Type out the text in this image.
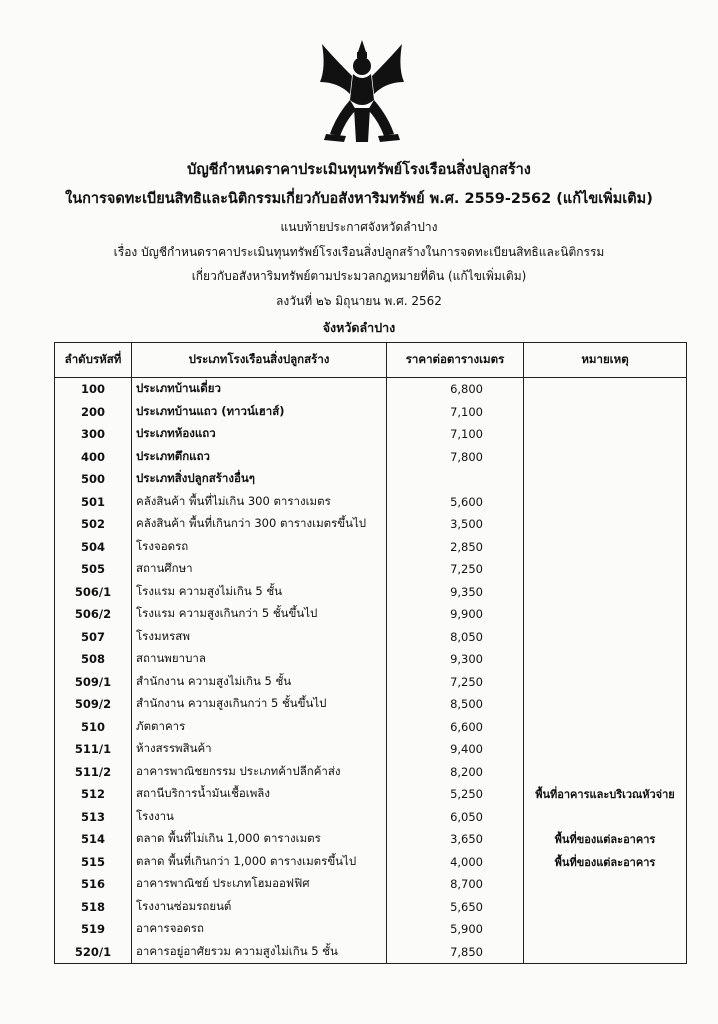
บัญชีกำหนดราคาประเมินทุนทรัพย์โรงเรือนสิ่งปลูกสร้าง
ในการจดทะเบียนสิทธิและนิติกรรมเกี่ยวกับอสังหาริมทรัพย์ พ.ศ. 2559-2562 (แก้ไขเพิ่มเติม)
แนบท้ายประกาศจังหวัดลำปาง
เรื่อง บัญชีกำหนดราคาประเมินทุนทรัพย์โรงเรือนสิ่งปลูกสร้างในการจดทะเบียนสิทธิและนิติกรรม
เกี่ยวกับอสังหาริมทรัพย์ตามประมวลกฎหมายที่ดิน (แก้ไขเพิ่มเติม)
ลงวันที่ ๒๖ มิถุนายน พ.ศ. 2562
จังหวัดลำปาง
ลำดับรหัสที่	ประเภทโรงเรือนสิ่งปลูกสร้าง	ราคาต่อตารางเมตร	หมายเหตุ
100	ประเภทบ้านเดี่ยว	6,800	
200	ประเภทบ้านแถว (ทาวน์เฮาส์)	7,100	
300	ประเภทห้องแถว	7,100	
400	ประเภทตึกแถว	7,800	
500	ประเภทสิ่งปลูกสร้างอื่นๆ		
501	คลังสินค้า พื้นที่ไม่เกิน 300 ตารางเมตร	5,600	
502	คลังสินค้า พื้นที่เกินกว่า 300 ตารางเมตรขึ้นไป	3,500	
504	โรงจอดรถ	2,850	
505	สถานศึกษา	7,250	
506/1	โรงแรม ความสูงไม่เกิน 5 ชั้น	9,350	
506/2	โรงแรม ความสูงเกินกว่า 5 ชั้นขึ้นไป	9,900	
507	โรงมหรสพ	8,050	
508	สถานพยาบาล	9,300	
509/1	สำนักงาน ความสูงไม่เกิน 5 ชั้น	7,250	
509/2	สำนักงาน ความสูงเกินกว่า 5 ชั้นขึ้นไป	8,500	
510	ภัตตาคาร	6,600	
511/1	ห้างสรรพสินค้า	9,400	
511/2	อาคารพาณิชยกรรม ประเภทค้าปลีกค้าส่ง	8,200	
512	สถานีบริการน้ำมันเชื้อเพลิง	5,250	พื้นที่อาคารและบริเวณหัวจ่าย
513	โรงงาน	6,050	
514	ตลาด พื้นที่ไม่เกิน 1,000 ตารางเมตร	3,650	พื้นที่ของแต่ละอาคาร
515	ตลาด พื้นที่เกินกว่า 1,000 ตารางเมตรขึ้นไป	4,000	พื้นที่ของแต่ละอาคาร
516	อาคารพาณิชย์ ประเภทโฮมออฟฟิศ	8,700	
518	โรงงานซ่อมรถยนต์	5,650	
519	อาคารจอดรถ	5,900	
520/1	อาคารอยู่อาศัยรวม ความสูงไม่เกิน 5 ชั้น	7,850	
